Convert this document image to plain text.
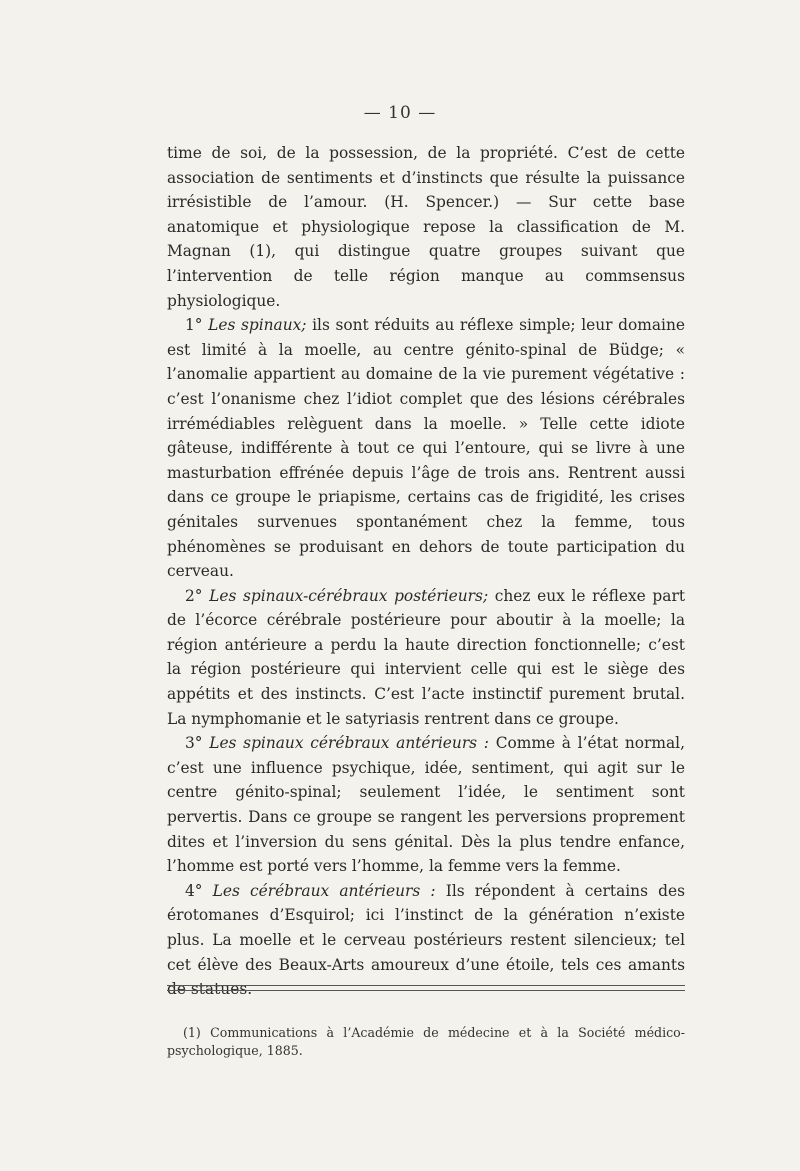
— 10 —

time de soi, de la possession, de la propriété. C’est de cette association de sentiments et d’instincts que résulte la puissance irrésistible de l’amour. (H. Spencer.) — Sur cette base anatomique et physiologique repose la classification de M. Magnan (1), qui distingue quatre groupes suivant que l’intervention de telle région manque au commsensus physiologique.

1° Les spinaux; ils sont réduits au réflexe simple; leur domaine est limité à la moelle, au centre génito-spinal de Büdge; « l’anomalie appartient au domaine de la vie purement végétative : c’est l’onanisme chez l’idiot complet que des lésions cérébrales irrémédiables relèguent dans la moelle. » Telle cette idiote gâteuse, indifférente à tout ce qui l’entoure, qui se livre à une masturbation effrénée depuis l’âge de trois ans. Rentrent aussi dans ce groupe le priapisme, certains cas de frigidité, les crises génitales survenues spontanément chez la femme, tous phénomènes se produisant en dehors de toute participation du cerveau.

2° Les spinaux-cérébraux postérieurs; chez eux le réflexe part de l’écorce cérébrale postérieure pour aboutir à la moelle; la région antérieure a perdu la haute direction fonctionnelle; c’est la région postérieure qui intervient celle qui est le siège des appétits et des instincts. C’est l’acte instinctif purement brutal. La nymphomanie et le satyriasis rentrent dans ce groupe.

3° Les spinaux cérébraux antérieurs : Comme à l’état normal, c’est une influence psychique, idée, sentiment, qui agit sur le centre génito-spinal; seulement l’idée, le sentiment sont pervertis. Dans ce groupe se rangent les perversions proprement dites et l’inversion du sens génital. Dès la plus tendre enfance, l’homme est porté vers l’homme, la femme vers la femme.

4° Les cérébraux antérieurs : Ils répondent à certains des érotomanes d’Esquirol; ici l’instinct de la génération n’existe plus. La moelle et le cerveau postérieurs restent silencieux; tel cet élève des Beaux-Arts amoureux d’une étoile, tels ces amants de statues.

(1) Communications à l’Académie de médecine et à la Société médico-psychologique, 1885.
